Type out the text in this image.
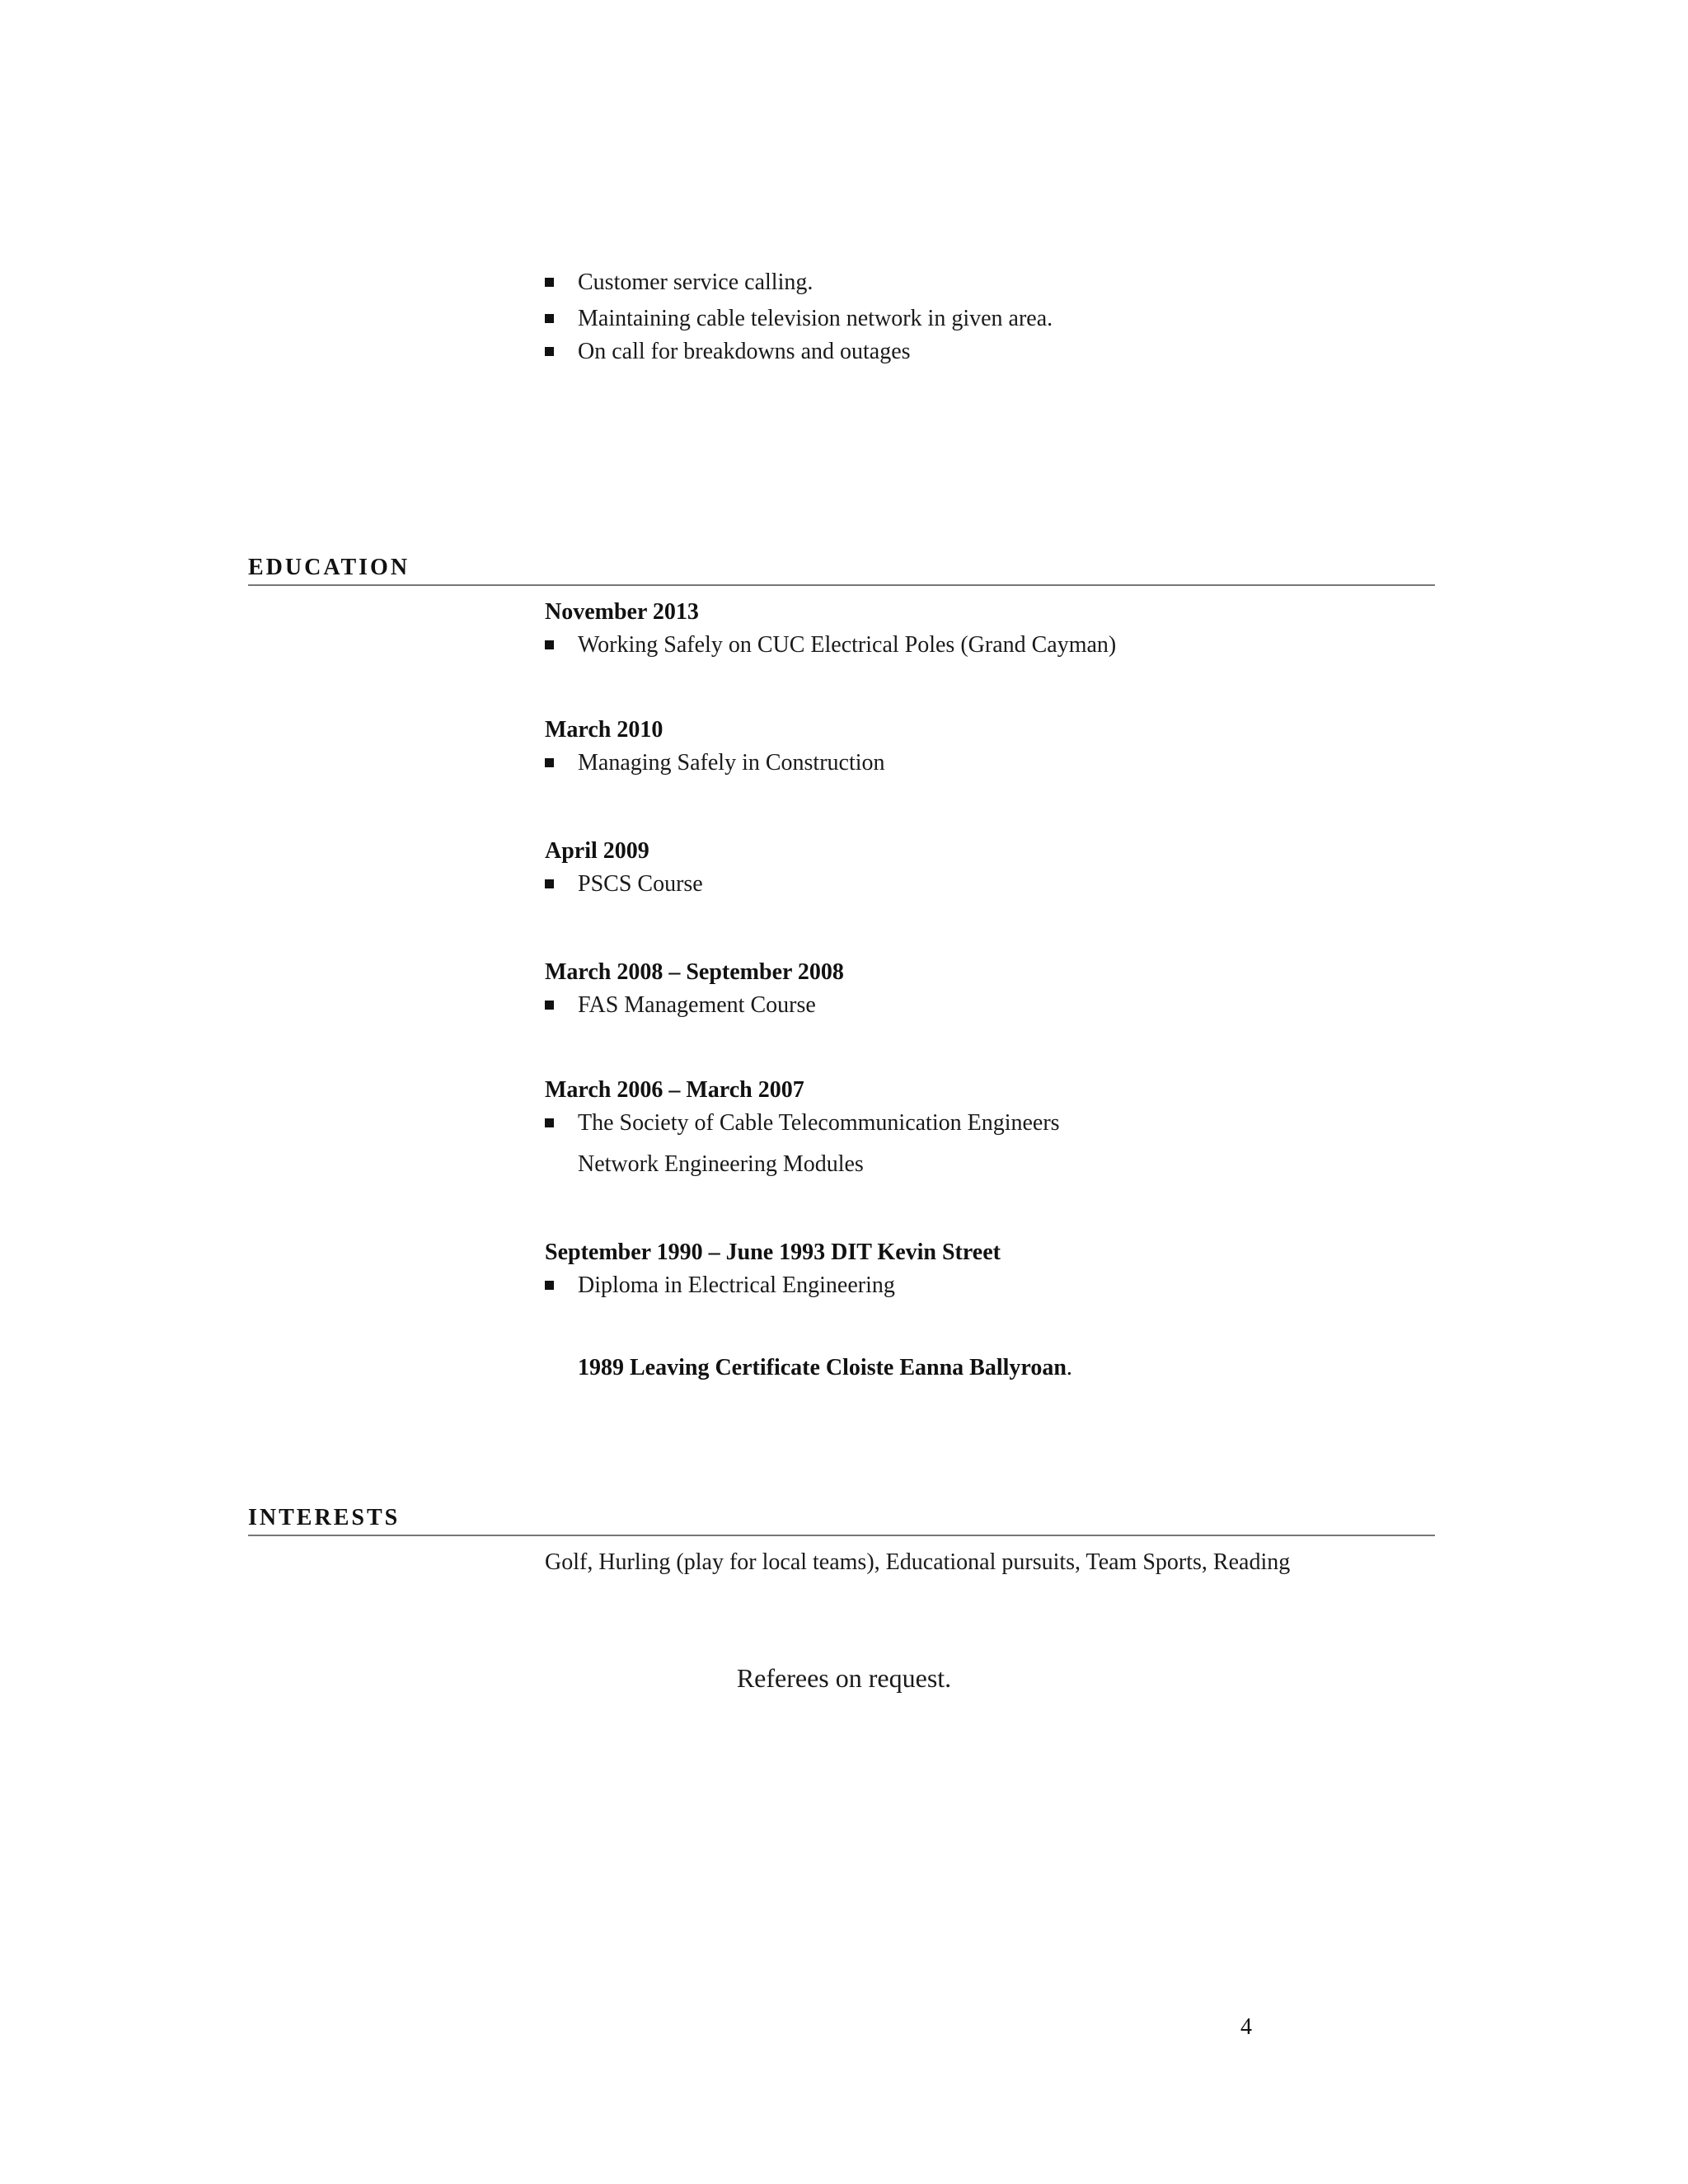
Customer service calling.
Maintaining cable television network in given area.
On call for breakdowns and outages
EDUCATION
November 2013
Working Safely on CUC Electrical Poles (Grand Cayman)
March 2010
Managing Safely in Construction
April 2009
PSCS Course
March 2008 – September 2008
FAS Management Course
March 2006 – March 2007
The Society of Cable Telecommunication Engineers
Network Engineering Modules
September 1990 – June 1993 DIT Kevin Street
Diploma in Electrical Engineering
1989 Leaving Certificate Cloiste Eanna Ballyroan.
INTERESTS
Golf, Hurling (play for local teams), Educational pursuits, Team Sports, Reading
Referees on request.
4
